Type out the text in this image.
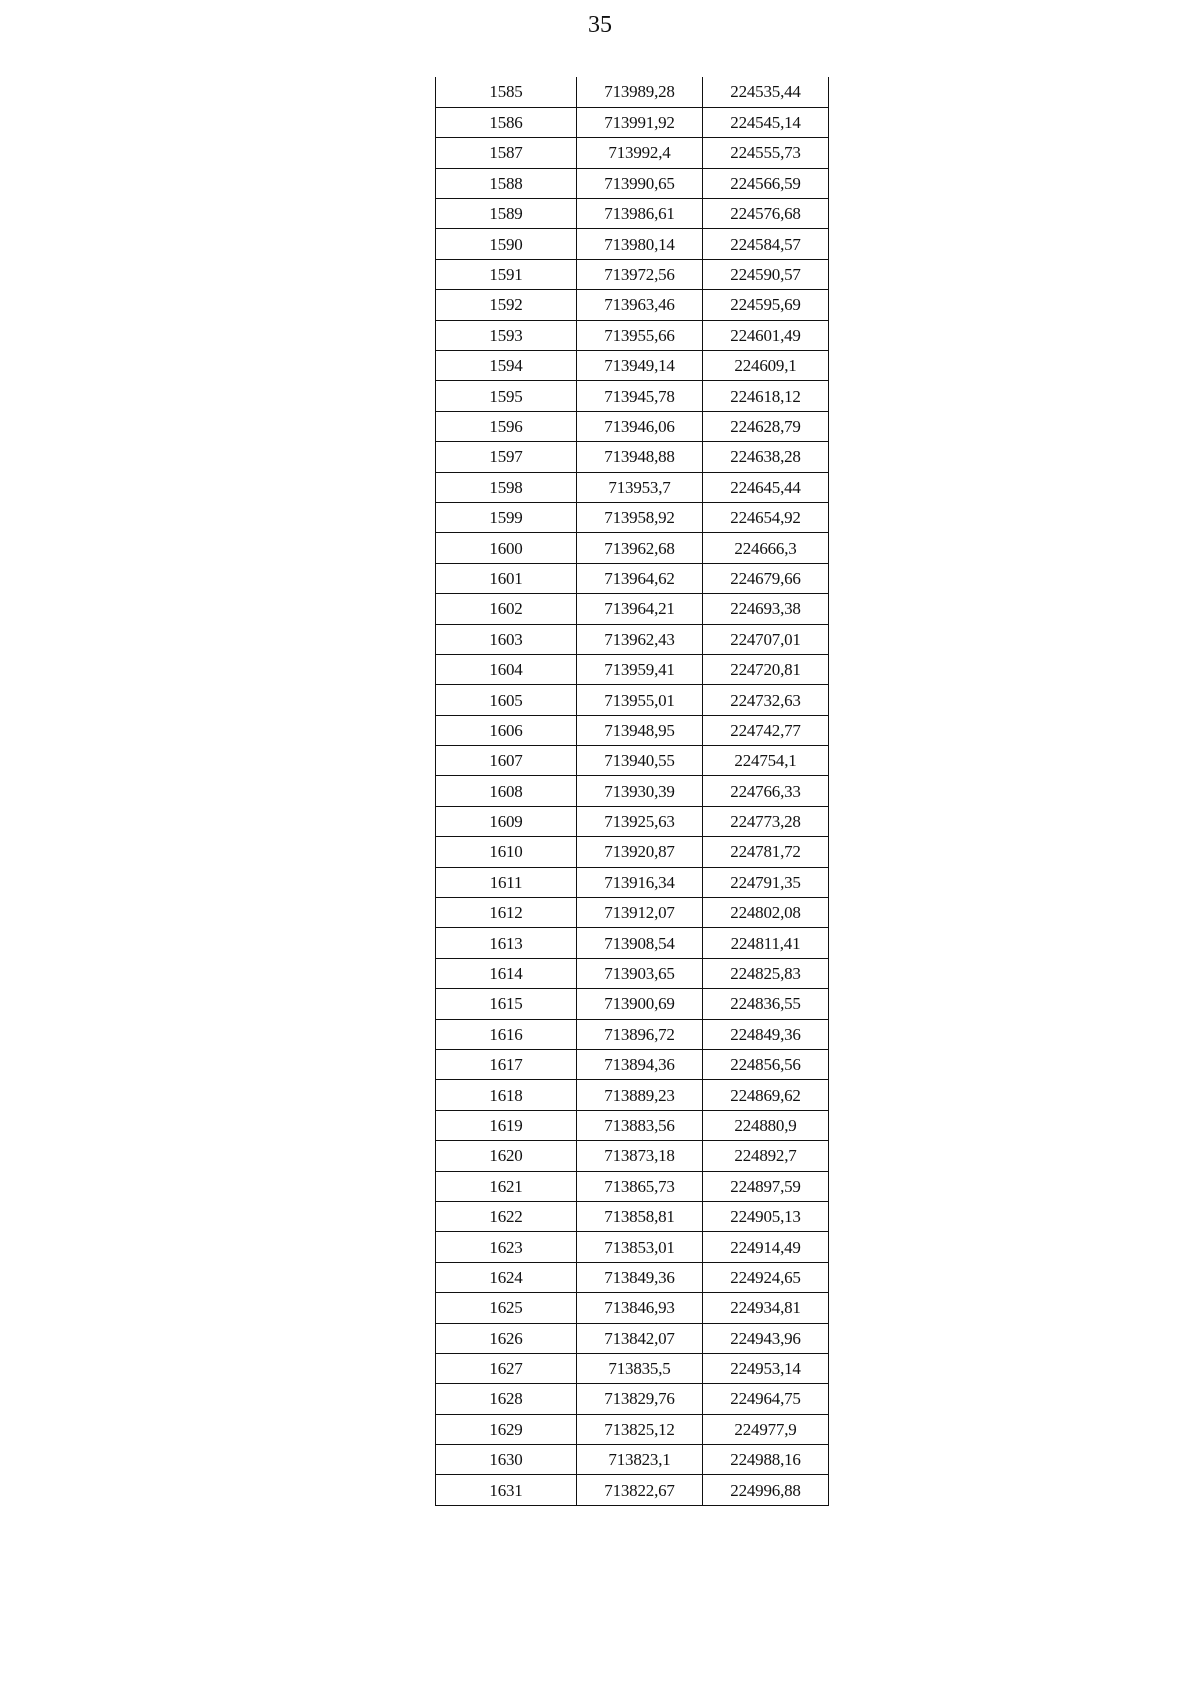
35
1585	713989,28	224535,44
1586	713991,92	224545,14
1587	713992,4	224555,73
1588	713990,65	224566,59
1589	713986,61	224576,68
1590	713980,14	224584,57
1591	713972,56	224590,57
1592	713963,46	224595,69
1593	713955,66	224601,49
1594	713949,14	224609,1
1595	713945,78	224618,12
1596	713946,06	224628,79
1597	713948,88	224638,28
1598	713953,7	224645,44
1599	713958,92	224654,92
1600	713962,68	224666,3
1601	713964,62	224679,66
1602	713964,21	224693,38
1603	713962,43	224707,01
1604	713959,41	224720,81
1605	713955,01	224732,63
1606	713948,95	224742,77
1607	713940,55	224754,1
1608	713930,39	224766,33
1609	713925,63	224773,28
1610	713920,87	224781,72
1611	713916,34	224791,35
1612	713912,07	224802,08
1613	713908,54	224811,41
1614	713903,65	224825,83
1615	713900,69	224836,55
1616	713896,72	224849,36
1617	713894,36	224856,56
1618	713889,23	224869,62
1619	713883,56	224880,9
1620	713873,18	224892,7
1621	713865,73	224897,59
1622	713858,81	224905,13
1623	713853,01	224914,49
1624	713849,36	224924,65
1625	713846,93	224934,81
1626	713842,07	224943,96
1627	713835,5	224953,14
1628	713829,76	224964,75
1629	713825,12	224977,9
1630	713823,1	224988,16
1631	713822,67	224996,88
